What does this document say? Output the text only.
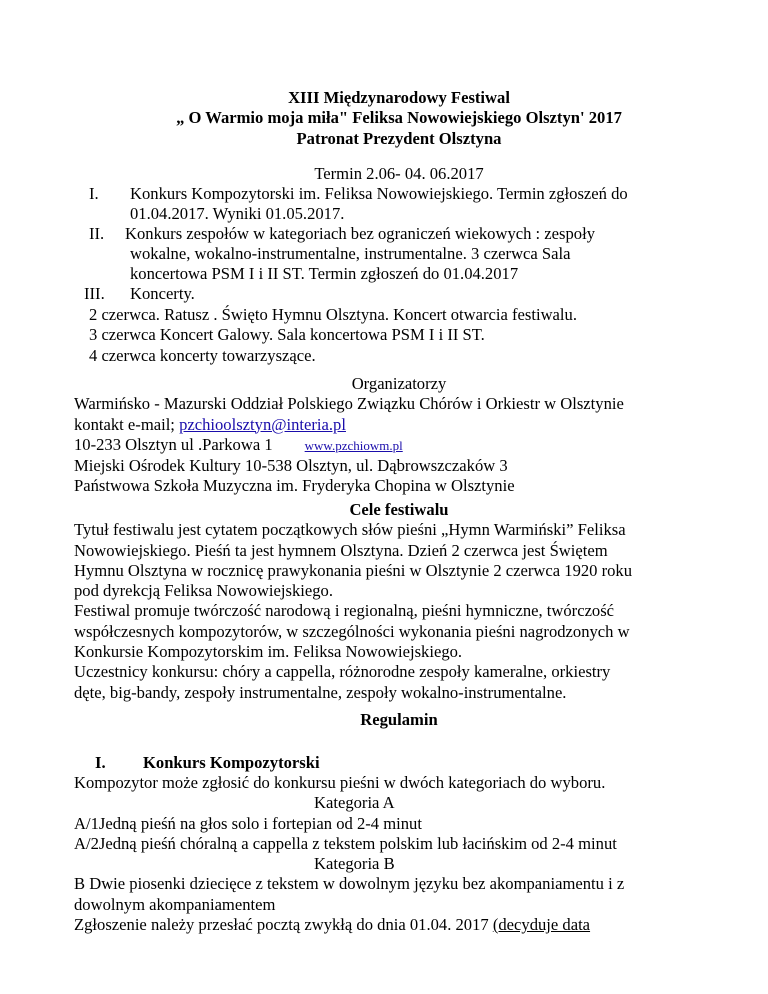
XIII Międzynarodowy Festiwal
„ O Warmio moja miła" Feliksa Nowowiejskiego Olsztyn' 2017
Patronat Prezydent Olsztyna
Termin 2.06- 04. 06.2017
I. Konkurs Kompozytorski im. Feliksa Nowowiejskiego. Termin zgłoszeń do
01.04.2017. Wyniki 01.05.2017.
II. Konkurs zespołów w kategoriach bez ograniczeń wiekowych : zespoły
wokalne, wokalno-instrumentalne, instrumentalne. 3 czerwca Sala
koncertowa PSM I i II ST. Termin zgłoszeń do 01.04.2017
III. Koncerty.
2 czerwca. Ratusz . Święto Hymnu Olsztyna. Koncert otwarcia festiwalu.
3 czerwca Koncert Galowy. Sala koncertowa PSM I i II ST.
4 czerwca koncerty towarzyszące.
Organizatorzy
Warmińsko - Mazurski Oddział Polskiego Związku Chórów i Orkiestr w Olsztynie
kontakt e-mail; pzchioolsztyn@interia.pl
10-233 Olsztyn ul .Parkowa 1 www.pzchiowm.pl
Miejski Ośrodek Kultury 10-538 Olsztyn, ul. Dąbrowszczaków 3
Państwowa Szkoła Muzyczna im. Fryderyka Chopina w Olsztynie
Cele festiwalu
Tytuł festiwalu jest cytatem początkowych słów pieśni „Hymn Warmiński” Feliksa
Nowowiejskiego. Pieśń ta jest hymnem Olsztyna. Dzień 2 czerwca jest Świętem
Hymnu Olsztyna w rocznicę prawykonania pieśni w Olsztynie 2 czerwca 1920 roku
pod dyrekcją Feliksa Nowowiejskiego.
Festiwal promuje twórczość narodową i regionalną, pieśni hymniczne, twórczość
współczesnych kompozytorów, w szczególności wykonania pieśni nagrodzonych w
Konkursie Kompozytorskim im. Feliksa Nowowiejskiego.
Uczestnicy konkursu: chóry a cappella, różnorodne zespoły kameralne, orkiestry
dęte, big-bandy, zespoły instrumentalne, zespoły wokalno-instrumentalne.
Regulamin
I. Konkurs Kompozytorski
Kompozytor może zgłosić do konkursu pieśni w dwóch kategoriach do wyboru.
Kategoria A
A/1Jedną pieśń na głos solo i fortepian od 2-4 minut
A/2Jedną pieśń chóralną a cappella z tekstem polskim lub łacińskim od 2-4 minut
Kategoria B
B Dwie piosenki dziecięce z tekstem w dowolnym języku bez akompaniamentu i z
dowolnym akompaniamentem
Zgłoszenie należy przesłać pocztą zwykłą do dnia 01.04. 2017 (decyduje data
